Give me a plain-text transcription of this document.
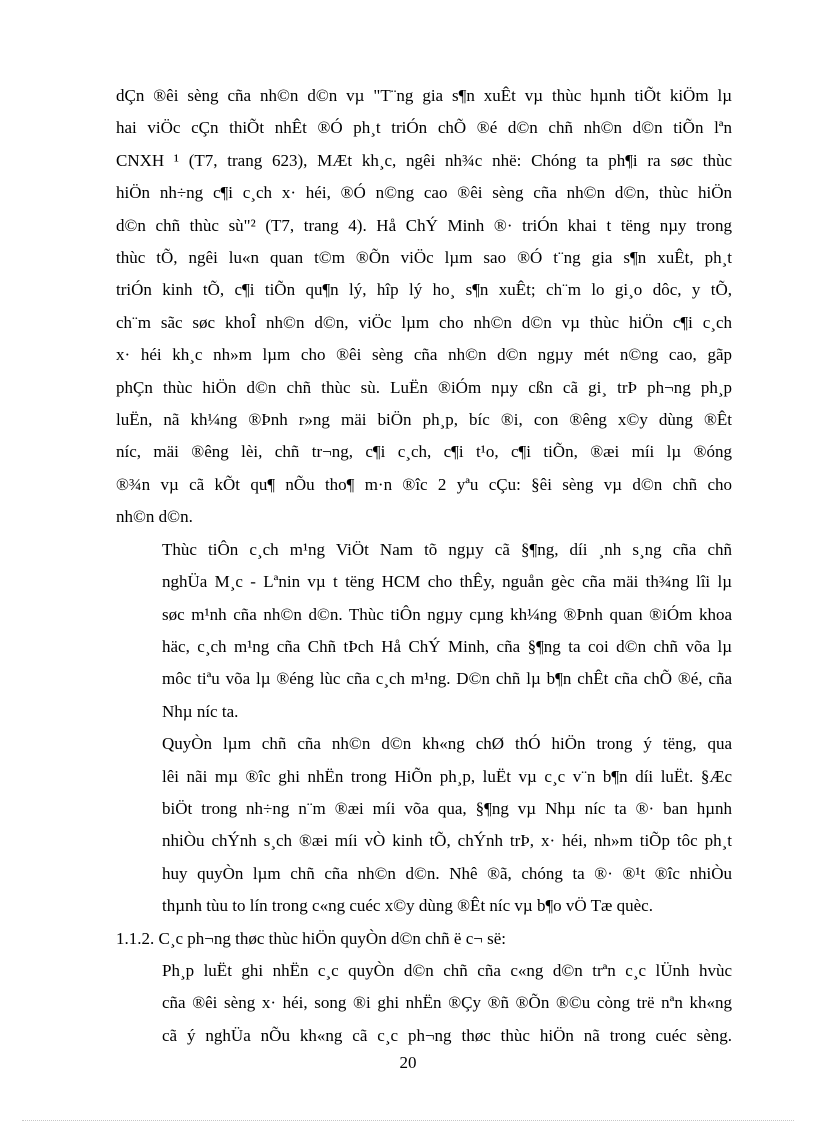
dÇn ®êi sèng cña nh©n d©n vµ "T¨ng gia s¶n xuÊt vµ thùc hµnh tiÕt kiÖm lµ
hai viÖc cÇn thiÕt nhÊt ®Ó ph¸t triÓn chÕ ®é d©n chñ nh©n d©n tiÕn lªn
CNXH ¹ (T7, trang 623), MÆt kh¸c, ngêi nh¾c nhë: Chóng ta ph¶i ra søc thùc
hiÖn nh÷ng c¶i c¸ch x· héi, ®Ó n©ng cao ®êi sèng cña nh©n d©n, thùc hiÖn
d©n chñ thùc sù"² (T7, trang 4). Hå ChÝ Minh ®· triÓn khai t tëng nµy trong
thùc tÕ, ngêi lu«n quan t©m ®Õn viÖc lµm sao ®Ó t¨ng gia s¶n xuÊt, ph¸t
triÓn kinh tÕ, c¶i tiÕn qu¶n lý, hîp lý ho¸ s¶n xuÊt; ch¨m lo gi¸o dôc, y tÕ,
ch¨m sãc søc khoÎ nh©n d©n, viÖc lµm cho nh©n d©n vµ thùc hiÖn c¶i c¸ch
x· héi kh¸c nh»m lµm cho ®êi sèng cña nh©n d©n ngµy mét n©ng cao, gãp
phÇn thùc hiÖn d©n chñ thùc sù. LuËn ®iÓm nµy cßn cã gi¸ trÞ ph¬ng ph¸p
luËn, nã kh¼ng ®Þnh r»ng mäi biÖn ph¸p, bíc ®i, con ®êng x©y dùng ®Êt
níc, mäi ®êng lèi, chñ tr¬ng, c¶i c¸ch, c¶i t¹o, c¶i tiÕn, ®æi míi lµ ®óng
®¾n vµ cã kÕt qu¶ nÕu tho¶ m·n ®îc 2 yªu cÇu: §êi sèng vµ d©n chñ cho
nh©n d©n.

Thùc tiÔn c¸ch m¹ng ViÖt Nam tõ ngµy cã §¶ng, díi ¸nh s¸ng cña chñ
nghÜa M¸c - Lªnin vµ t tëng HCM cho thÊy, nguån gèc cña mäi th¾ng lîi lµ
søc m¹nh cña nh©n d©n. Thùc tiÔn ngµy cµng kh¼ng ®Þnh quan ®iÓm khoa
häc, c¸ch m¹ng cña Chñ tÞch Hå ChÝ Minh, cña §¶ng ta coi d©n chñ võa lµ
môc tiªu võa lµ ®éng lùc cña c¸ch m¹ng. D©n chñ lµ b¶n chÊt cña chÕ ®é, cña
Nhµ níc ta.

QuyÒn lµm chñ cña nh©n d©n kh«ng chØ thÓ hiÖn trong ý tëng, qua
lêi nãi mµ ®îc ghi nhËn trong HiÕn ph¸p, luËt vµ c¸c v¨n b¶n díi luËt. §Æc
biÖt trong nh÷ng n¨m ®æi míi võa qua, §¶ng vµ Nhµ níc ta ®· ban hµnh
nhiÒu chÝnh s¸ch ®æi míi vÒ kinh tÕ, chÝnh trÞ, x· héi, nh»m tiÕp tôc ph¸t
huy quyÒn lµm chñ cña nh©n d©n. Nhê ®ã, chóng ta ®· ®¹t ®îc nhiÒu
thµnh tùu to lín trong c«ng cuéc x©y dùng ®Êt níc vµ b¶o vÖ Tæ quèc.

1.1.2. C¸c ph¬ng thøc thùc hiÖn quyÒn d©n chñ ë c¬ së:

Ph¸p luËt ghi nhËn c¸c quyÒn d©n chñ cña c«ng d©n trªn c¸c lÜnh hvùc
cña ®êi sèng x· héi, song ®i ghi nhËn ®Çy ®ñ ®Õn ®©u còng trë nªn kh«ng
cã ý nghÜa nÕu kh«ng cã c¸c ph¬ng thøc thùc hiÖn nã trong cuéc sèng.

20
